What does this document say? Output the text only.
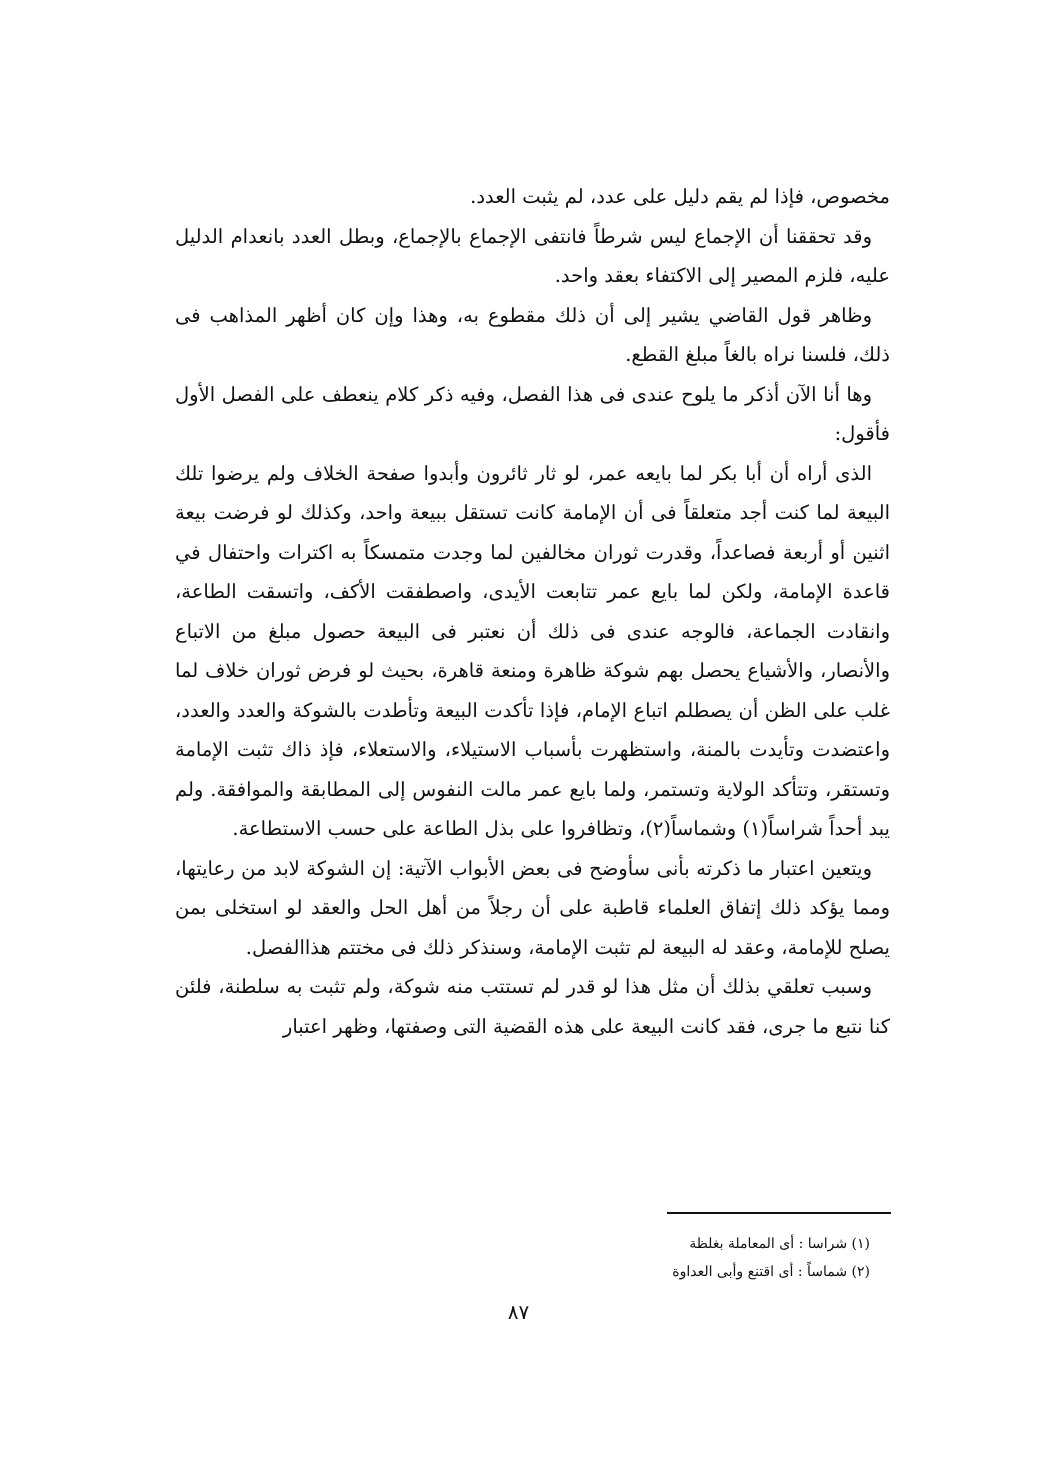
مخصوص، فإذا لم يقم دليل على عدد، لم يثبت العدد.

وقد تحققنا أن الإجماع ليس شرطاً فانتفى الإجماع بالإجماع، وبطل العدد بانعدام الدليل عليه، فلزم المصير إلى الاكتفاء بعقد واحد.

وظاهر قول القاضي يشير إلى أن ذلك مقطوع به، وهذا وإن كان أظهر المذاهب فى ذلك، فلسنا نراه بالغاً مبلغ القطع.

وها أنا الآن أذكر ما يلوح عندى فى هذا الفصل، وفيه ذكر كلام ينعطف على الفصل الأول فأقول:

الذى أراه أن أبا بكر لما بايعه عمر، لو ثار ثائرون وأبدوا صفحة الخلاف ولم يرضوا تلك البيعة لما كنت أجد متعلقاً فى أن الإمامة كانت تستقل ببيعة واحد، وكذلك لو فرضت بيعة اثنين أو أربعة فصاعداً، وقدرت ثوران مخالفين لما وجدت متمسكاً به اكترات واحتفال في قاعدة الإمامة، ولكن لما بايع عمر تتابعت الأيدى، واصطفقت الأكف، واتسقت الطاعة، وانقادت الجماعة، فالوجه عندى فى ذلك أن نعتبر فى البيعة حصول مبلغ من الاتباع والأنصار، والأشياع يحصل بهم شوكة ظاهرة ومنعة قاهرة، بحيث لو فرض ثوران خلاف لما غلب على الظن أن يصطلم اتباع الإمام، فإذا تأكدت البيعة وتأطدت بالشوكة والعدد والعدد، واعتضدت وتأيدت بالمنة، واستظهرت بأسباب الاستيلاء، والاستعلاء، فإذ ذاك تثبت الإمامة وتستقر، وتتأكد الولاية وتستمر، ولما بايع عمر مالت النفوس إلى المطابقة والموافقة. ولم يبد أحداً شراساً(١) وشماساً(٢)، وتظافروا على بذل الطاعة على حسب الاستطاعة.

ويتعين اعتبار ما ذكرته بأنى سأوضح فى بعض الأبواب الآتية: إن الشوكة لابد من رعايتها، ومما يؤكد ذلك إتفاق العلماء قاطبة على أن رجلاً من أهل الحل والعقد لو استخلى بمن يصلح للإمامة، وعقد له البيعة لم تثبت الإمامة، وسنذكر ذلك فى مختتم هذاالفصل.

وسبب تعلقي بذلك أن مثل هذا لو قدر لم تستتب منه شوكة، ولم تثبت به سلطنة، فلئن كنا نتبع ما جرى، فقد كانت البيعة على هذه القضية التى وصفتها، وظهر اعتبار

(١) شراسا : أى المعاملة بغلظة

(٢) شماساً : أى اقتنع وأبى العداوة

٨٧
